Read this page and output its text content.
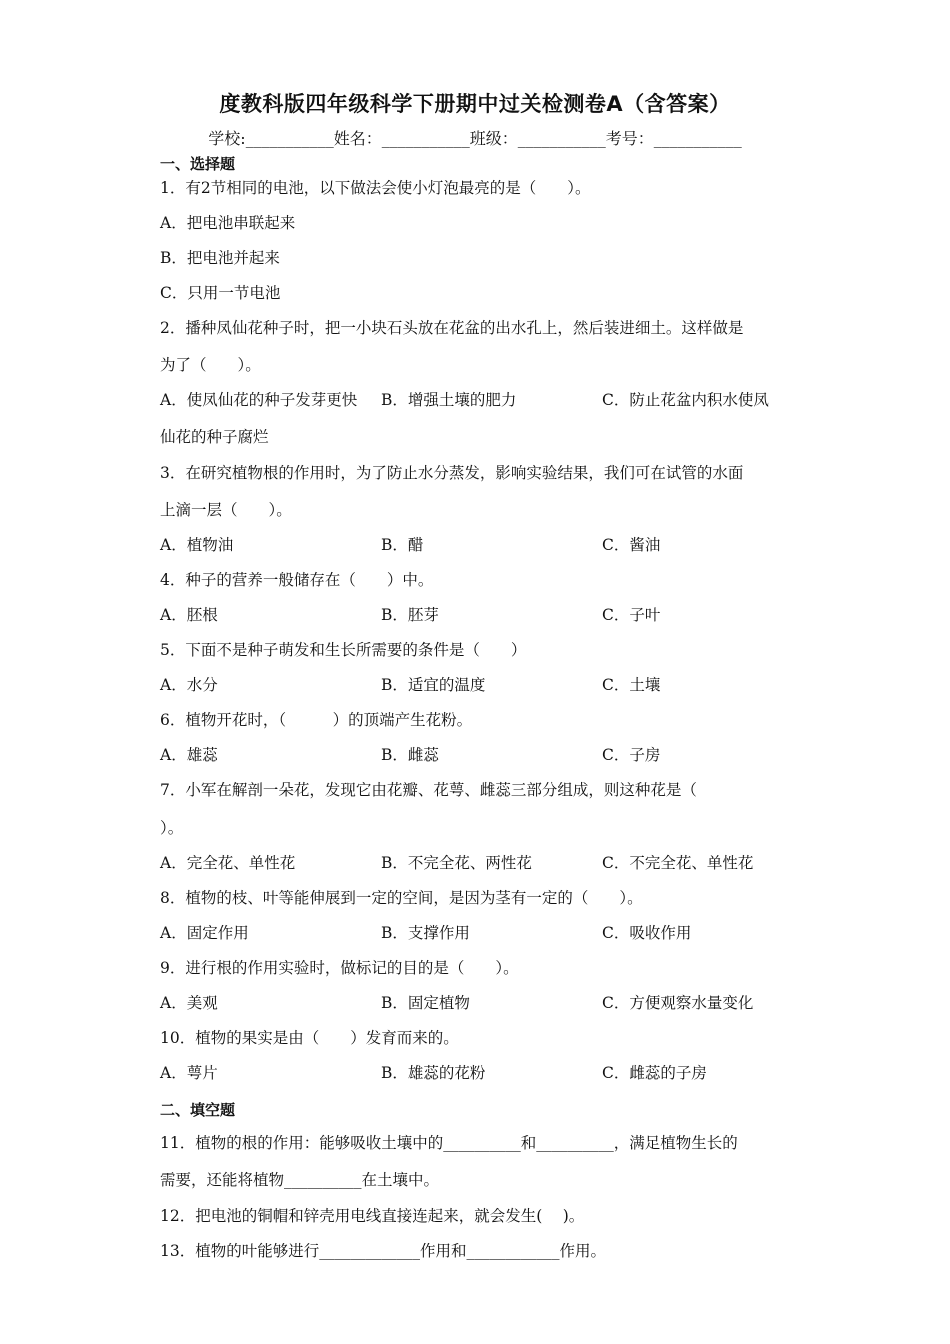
度教科版四年级科学下册期中过关检测卷A（含答案）
学校:___________姓名：___________班级：___________考号：___________
一、选择题
1．有2节相同的电池，以下做法会使小灯泡最亮的是（　　）。
A．把电池串联起来
B．把电池并起来
C．只用一节电池
2．播种凤仙花种子时，把一小块石头放在花盆的出水孔上，然后装进细土。这样做是
为了（　　）。
A．使凤仙花的种子发芽更快 B．增强土壤的肥力	C．防止花盆内积水使凤
仙花的种子腐烂
3．在研究植物根的作用时，为了防止水分蒸发，影响实验结果，我们可在试管的水面
上滴一层（　　）。
A．植物油	B．醋	C．酱油
4．种子的营养一般储存在（　　）中。
A．胚根	B．胚芽	C．子叶
5．下面不是种子萌发和生长所需要的条件是（　　）
A．水分	B．适宜的温度	C．土壤
6．植物开花时，（　　　）的顶端产生花粉。
A．雄蕊	B．雌蕊	C．子房
7．小军在解剖一朵花，发现它由花瓣、花萼、雌蕊三部分组成，则这种花是（
）。
A．完全花、单性花	B．不完全花、两性花	C．不完全花、单性花
8．植物的枝、叶等能伸展到一定的空间，是因为茎有一定的（　　）。
A．固定作用	B．支撑作用	C．吸收作用
9．进行根的作用实验时，做标记的目的是（　　）。
A．美观	B．固定植物	C．方便观察水量变化
10．植物的果实是由（　　）发育而来的。
A．萼片	B．雄蕊的花粉	C．雌蕊的子房
二、填空题
11．植物的根的作用：能够吸收土壤中的__________和__________，满足植物生长的
需要，还能将植物__________在土壤中。
12．把电池的铜帽和锌壳用电线直接连起来，就会发生(　 )。
13．植物的叶能够进行_____________作用和____________作用。
